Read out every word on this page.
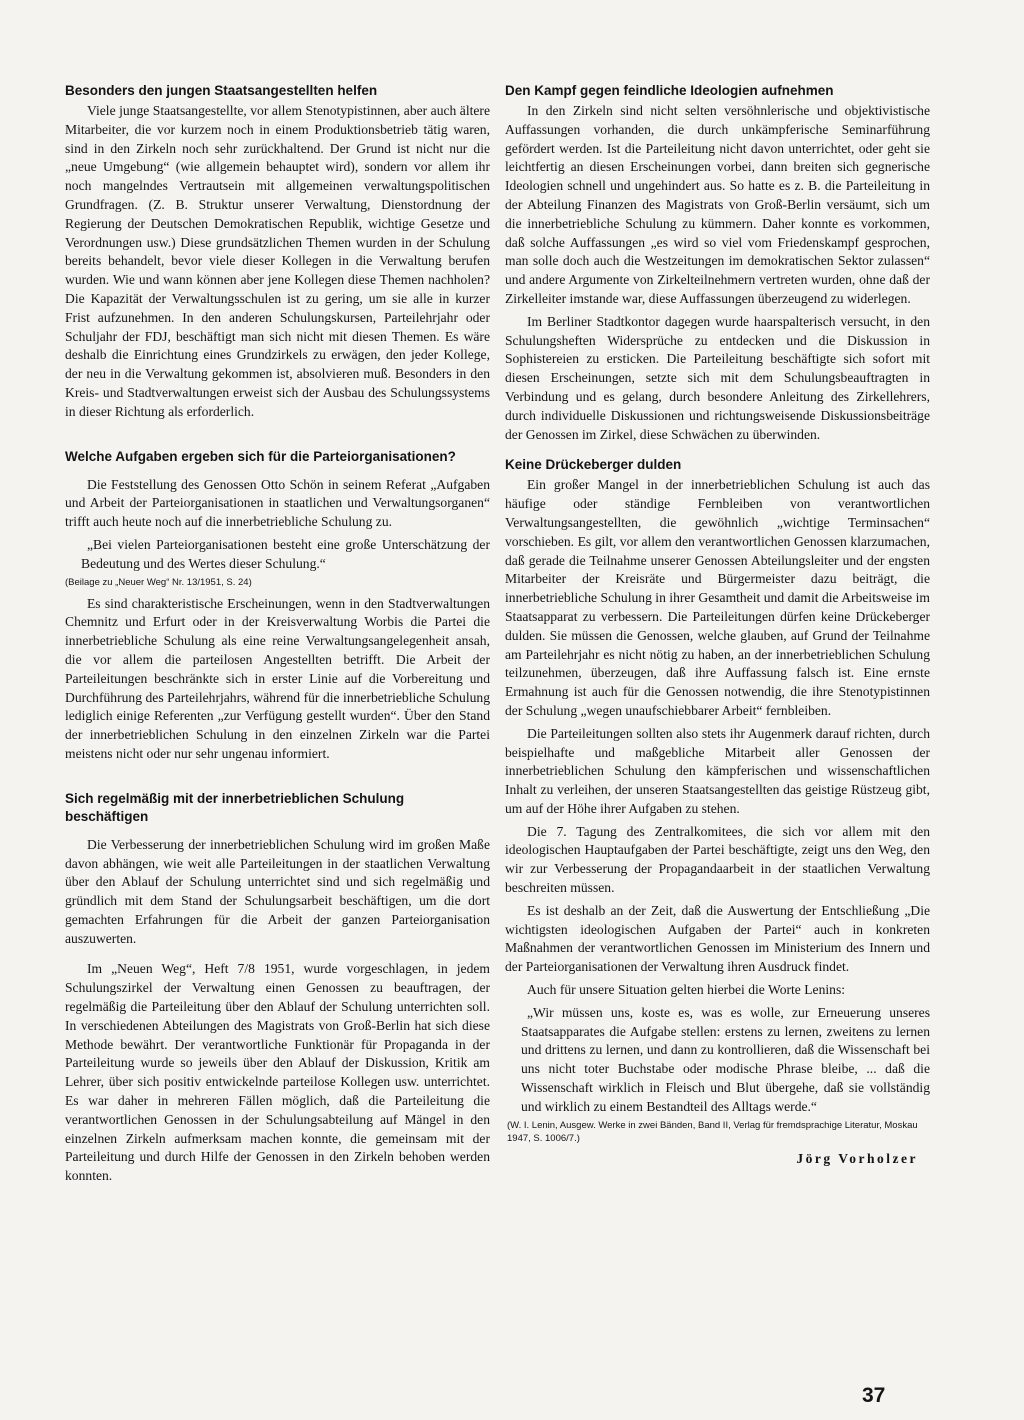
Besonders den jungen Staatsangestellten helfen

Viele junge Staatsangestellte, vor allem Stenotypistinnen, aber auch ältere Mitarbeiter, die vor kurzem noch in einem Produktionsbetrieb tätig waren, sind in den Zirkeln noch sehr zurückhaltend. Der Grund ist nicht nur die „neue Umgebung“ (wie allgemein behauptet wird), sondern vor allem ihr noch mangelndes Vertrautsein mit allgemeinen verwaltungspolitischen Grundfragen. (Z. B. Struktur unserer Verwaltung, Dienstordnung der Regierung der Deutschen Demokratischen Republik, wichtige Gesetze und Verordnungen usw.) Diese grundsätzlichen Themen wurden in der Schulung bereits behandelt, bevor viele dieser Kollegen in die Verwaltung berufen wurden. Wie und wann können aber jene Kollegen diese Themen nachholen? Die Kapazität der Verwaltungsschulen ist zu gering, um sie alle in kurzer Frist aufzunehmen. In den anderen Schulungskursen, Parteilehrjahr oder Schuljahr der FDJ, beschäftigt man sich nicht mit diesen Themen. Es wäre deshalb die Einrichtung eines Grundzirkels zu erwägen, den jeder Kollege, der neu in die Verwaltung gekommen ist, absolvieren muß. Besonders in den Kreis- und Stadtverwaltungen erweist sich der Ausbau des Schulungssystems in dieser Richtung als erforderlich.

Welche Aufgaben ergeben sich für die Parteiorganisationen?

Die Feststellung des Genossen Otto Schön in seinem Referat „Aufgaben und Arbeit der Parteiorganisationen in staatlichen und Verwaltungsorganen“ trifft auch heute noch auf die innerbetriebliche Schulung zu.

„Bei vielen Parteiorganisationen besteht eine große Unterschätzung der Bedeutung und des Wertes dieser Schulung.“
(Beilage zu „Neuer Weg“ Nr. 13/1951, S. 24)

Es sind charakteristische Erscheinungen, wenn in den Stadtverwaltungen Chemnitz und Erfurt oder in der Kreisverwaltung Worbis die Partei die innerbetriebliche Schulung als eine reine Verwaltungsangelegenheit ansah, die vor allem die parteilosen Angestellten betrifft. Die Arbeit der Parteileitungen beschränkte sich in erster Linie auf die Vorbereitung und Durchführung des Parteilehrjahrs, während für die innerbetriebliche Schulung lediglich einige Referenten „zur Verfügung gestellt wurden“. Über den Stand der innerbetrieblichen Schulung in den einzelnen Zirkeln war die Partei meistens nicht oder nur sehr ungenau informiert.

Sich regelmäßig mit der innerbetrieblichen Schulung beschäftigen

Die Verbesserung der innerbetrieblichen Schulung wird im großen Maße davon abhängen, wie weit alle Parteileitungen in der staatlichen Verwaltung über den Ablauf der Schulung unterrichtet sind und sich regelmäßig und gründlich mit dem Stand der Schulungsarbeit beschäftigen, um die dort gemachten Erfahrungen für die Arbeit der ganzen Parteiorganisation auszuwerten.

Im „Neuen Weg“, Heft 7/8 1951, wurde vorgeschlagen, in jedem Schulungszirkel der Verwaltung einen Genossen zu beauftragen, der regelmäßig die Parteileitung über den Ablauf der Schulung unterrichten soll. In verschiedenen Abteilungen des Magistrats von Groß-Berlin hat sich diese Methode bewährt. Der verantwortliche Funktionär für Propaganda in der Parteileitung wurde so jeweils über den Ablauf der Diskussion, Kritik am Lehrer, über sich positiv entwickelnde parteilose Kollegen usw. unterrichtet. Es war daher in mehreren Fällen möglich, daß die Parteileitung die verantwortlichen Genossen in der Schulungsabteilung auf Mängel in den einzelnen Zirkeln aufmerksam machen konnte, die gemeinsam mit der Parteileitung und durch Hilfe der Genossen in den Zirkeln behoben werden konnten.

Den Kampf gegen feindliche Ideologien aufnehmen

In den Zirkeln sind nicht selten versöhnlerische und objektivistische Auffassungen vorhanden, die durch unkämpferische Seminarführung gefördert werden. Ist die Parteileitung nicht davon unterrichtet, oder geht sie leichtfertig an diesen Erscheinungen vorbei, dann breiten sich gegnerische Ideologien schnell und ungehindert aus. So hatte es z. B. die Parteileitung in der Abteilung Finanzen des Magistrats von Groß-Berlin versäumt, sich um die innerbetriebliche Schulung zu kümmern. Daher konnte es vorkommen, daß solche Auffassungen „es wird so viel vom Friedenskampf gesprochen, man solle doch auch die Westzeitungen im demokratischen Sektor zulassen“ und andere Argumente von Zirkelteilnehmern vertreten wurden, ohne daß der Zirkelleiter imstande war, diese Auffassungen überzeugend zu widerlegen.

Im Berliner Stadtkontor dagegen wurde haarspalterisch versucht, in den Schulungsheften Widersprüche zu entdecken und die Diskussion in Sophistereien zu ersticken. Die Parteileitung beschäftigte sich sofort mit diesen Erscheinungen, setzte sich mit dem Schulungsbeauftragten in Verbindung und es gelang, durch besondere Anleitung des Zirkellehrers, durch individuelle Diskussionen und richtungsweisende Diskussionsbeiträge der Genossen im Zirkel, diese Schwächen zu überwinden.

Keine Drückeberger dulden

Ein großer Mangel in der innerbetrieblichen Schulung ist auch das häufige oder ständige Fernbleiben von verantwortlichen Verwaltungsangestellten, die gewöhnlich „wichtige Terminsachen“ vorschieben. Es gilt, vor allem den verantwortlichen Genossen klarzumachen, daß gerade die Teilnahme unserer Genossen Abteilungsleiter und der engsten Mitarbeiter der Kreisräte und Bürgermeister dazu beiträgt, die innerbetriebliche Schulung in ihrer Gesamtheit und damit die Arbeitsweise im Staatsapparat zu verbessern. Die Parteileitungen dürfen keine Drückeberger dulden. Sie müssen die Genossen, welche glauben, auf Grund der Teilnahme am Parteilehrjahr es nicht nötig zu haben, an der innerbetrieblichen Schulung teilzunehmen, überzeugen, daß ihre Auffassung falsch ist. Eine ernste Ermahnung ist auch für die Genossen notwendig, die ihre Stenotypistinnen der Schulung „wegen unaufschiebbarer Arbeit“ fernbleiben.

Die Parteileitungen sollten also stets ihr Augenmerk darauf richten, durch beispielhafte und maßgebliche Mitarbeit aller Genossen der innerbetrieblichen Schulung den kämpferischen und wissenschaftlichen Inhalt zu verleihen, der unseren Staatsangestellten das geistige Rüstzeug gibt, um auf der Höhe ihrer Aufgaben zu stehen.

Die 7. Tagung des Zentralkomitees, die sich vor allem mit den ideologischen Hauptaufgaben der Partei beschäftigte, zeigt uns den Weg, den wir zur Verbesserung der Propagandaarbeit in der staatlichen Verwaltung beschreiten müssen.

Es ist deshalb an der Zeit, daß die Auswertung der Entschließung „Die wichtigsten ideologischen Aufgaben der Partei“ auch in konkreten Maßnahmen der verantwortlichen Genossen im Ministerium des Innern und der Parteiorganisationen der Verwaltung ihren Ausdruck findet.

Auch für unsere Situation gelten hierbei die Worte Lenins:

„Wir müssen uns, koste es, was es wolle, zur Erneuerung unseres Staatsapparates die Aufgabe stellen: erstens zu lernen, zweitens zu lernen und drittens zu lernen, und dann zu kontrollieren, daß die Wissenschaft bei uns nicht toter Buchstabe oder modische Phrase bleibe, ... daß die Wissenschaft wirklich in Fleisch und Blut übergehe, daß sie vollständig und wirklich zu einem Bestandteil des Alltags werde.“
(W. I. Lenin, Ausgew. Werke in zwei Bänden, Band II, Verlag für fremdsprachige Literatur, Moskau 1947, S. 1006/7.)
Jörg Vorholzer
37
